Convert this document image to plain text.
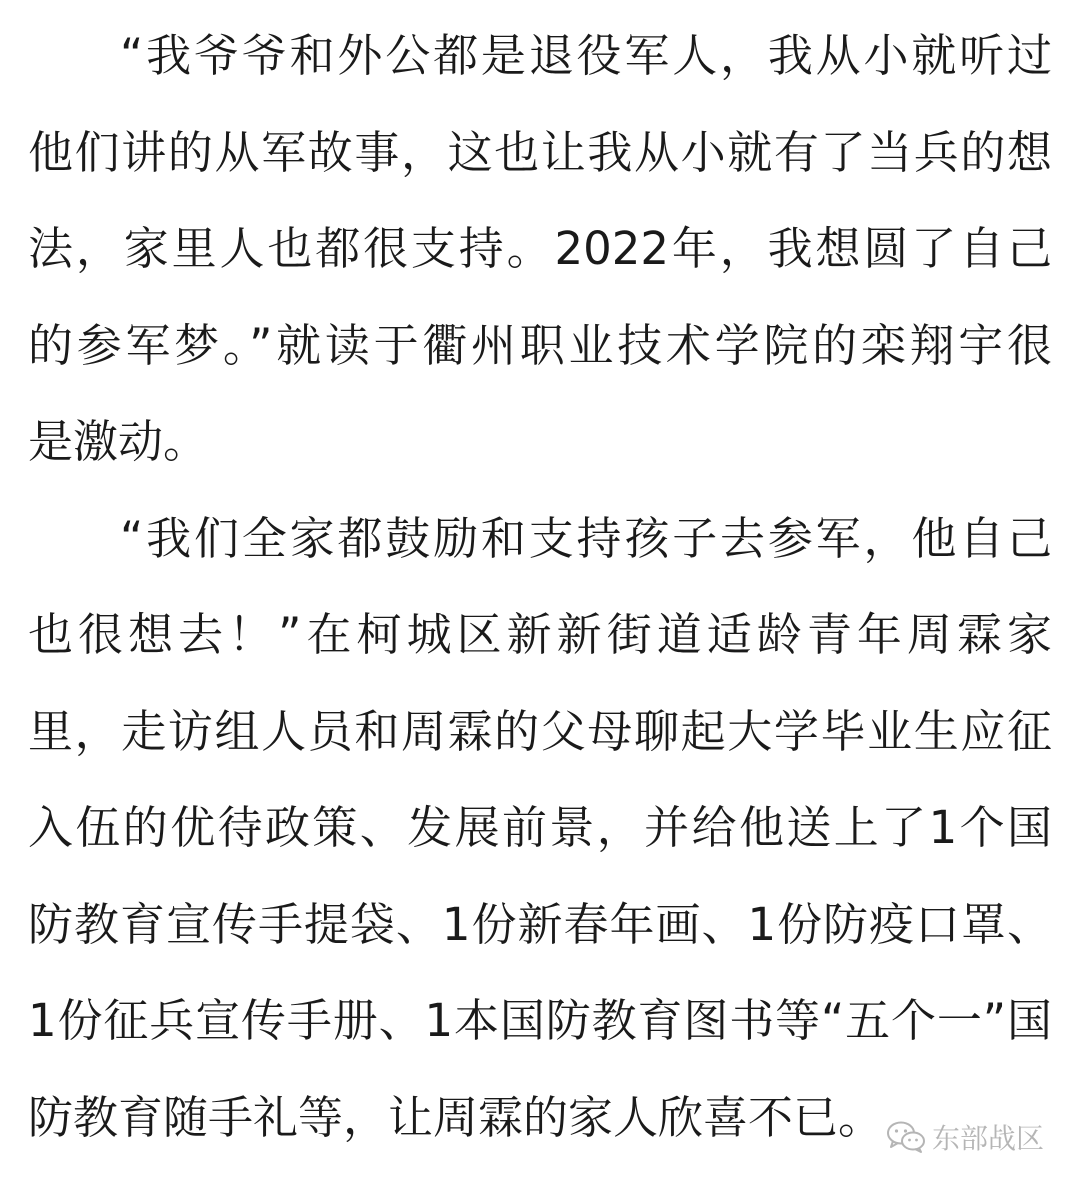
“我爷爷和外公都是退役军人，我从小就听过
他们讲的从军故事，这也让我从小就有了当兵的想
法，家里人也都很支持。2022年，我想圆了自己
的参军梦。”就读于衢州职业技术学院的栾翔宇很
是激动。
“我们全家都鼓励和支持孩子去参军，他自己
也很想去！”在柯城区新新街道适龄青年周霖家
里，走访组人员和周霖的父母聊起大学毕业生应征
入伍的优待政策、发展前景，并给他送上了1个国
防教育宣传手提袋、1份新春年画、1份防疫口罩、
1份征兵宣传手册、1本国防教育图书等“五个一”国
防教育随手礼等，让周霖的家人欣喜不已。	东部战区
